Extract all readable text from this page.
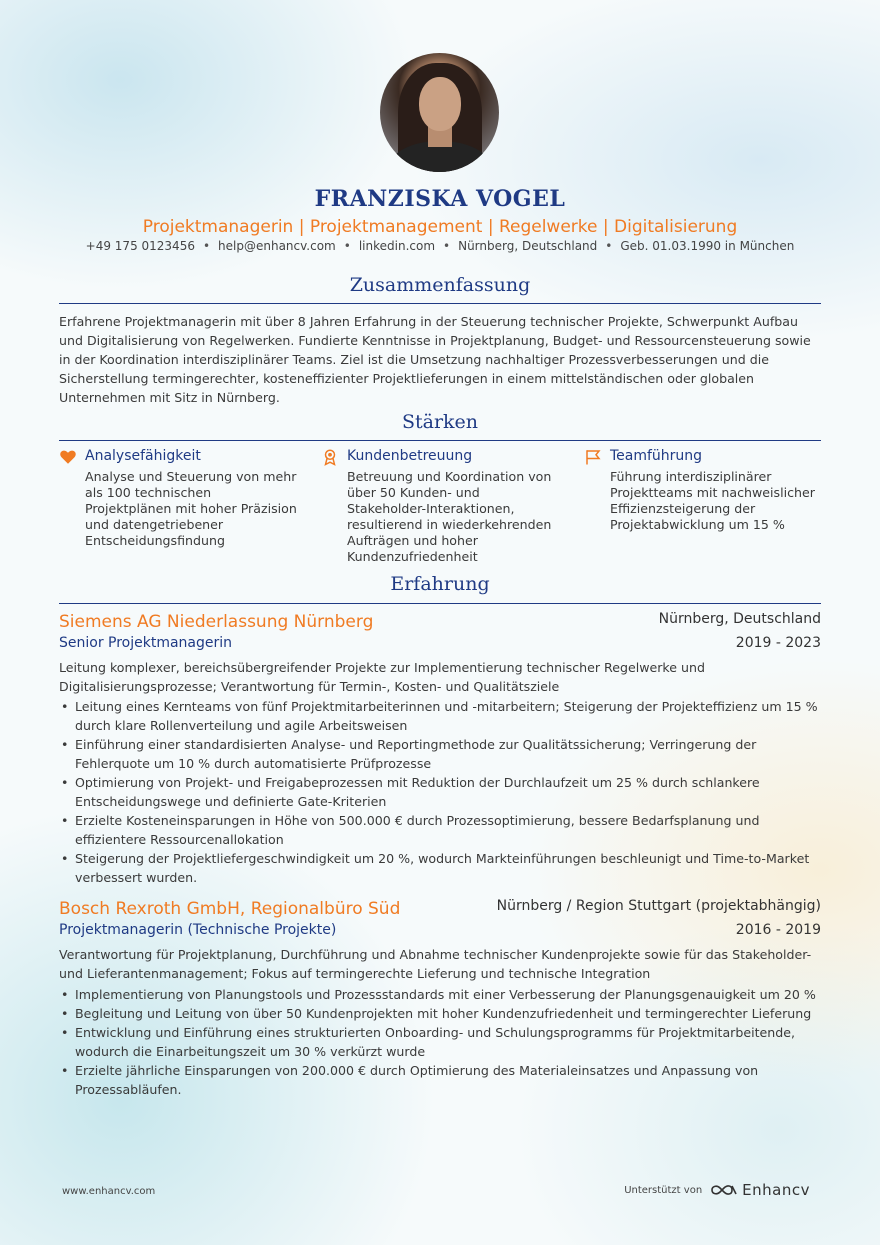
FRANZISKA VOGEL
Projektmanagerin | Projektmanagement | Regelwerke | Digitalisierung
+49 175 0123456 • help@enhancv.com • linkedin.com • Nürnberg, Deutschland • Geb. 01.03.1990 in München
Zusammenfassung
Erfahrene Projektmanagerin mit über 8 Jahren Erfahrung in der Steuerung technischer Projekte, Schwerpunkt Aufbau und Digitalisierung von Regelwerken. Fundierte Kenntnisse in Projektplanung, Budget- und Ressourcensteuerung sowie in der Koordination interdisziplinärer Teams. Ziel ist die Umsetzung nachhaltiger Prozessverbesserungen und die Sicherstellung termingerechter, kosteneffizienter Projektlieferungen in einem mittelständischen oder globalen Unternehmen mit Sitz in Nürnberg.
Stärken
Analysefähigkeit
Analyse und Steuerung von mehr als 100 technischen Projektplänen mit hoher Präzision und datengetriebener Entscheidungsfindung
Kundenbetreuung
Betreuung und Koordination von über 50 Kunden- und Stakeholder-Interaktionen, resultierend in wiederkehrenden Aufträgen und hoher Kundenzufriedenheit
Teamführung
Führung interdisziplinärer Projektteams mit nachweislicher Effizienzsteigerung der Projektabwicklung um 15 %
Erfahrung
Siemens AG Niederlassung Nürnberg	Nürnberg, Deutschland
Senior Projektmanagerin	2019 - 2023
Leitung komplexer, bereichsübergreifender Projekte zur Implementierung technischer Regelwerke und Digitalisierungsprozesse; Verantwortung für Termin-, Kosten- und Qualitätsziele
• Leitung eines Kernteams von fünf Projektmitarbeiterinnen und -mitarbeitern; Steigerung der Projekteffizienz um 15 % durch klare Rollenverteilung und agile Arbeitsweisen
• Einführung einer standardisierten Analyse- und Reportingmethode zur Qualitätssicherung; Verringerung der Fehlerquote um 10 % durch automatisierte Prüfprozesse
• Optimierung von Projekt- und Freigabeprozessen mit Reduktion der Durchlaufzeit um 25 % durch schlankere Entscheidungswege und definierte Gate-Kriterien
• Erzielte Kosteneinsparungen in Höhe von 500.000 € durch Prozessoptimierung, bessere Bedarfsplanung und effizientere Ressourcenallokation
• Steigerung der Projektliefergeschwindigkeit um 20 %, wodurch Markteinführungen beschleunigt und Time-to-Market verbessert wurden.
Bosch Rexroth GmbH, Regionalbüro Süd	Nürnberg / Region Stuttgart (projektabhängig)
Projektmanagerin (Technische Projekte)	2016 - 2019
Verantwortung für Projektplanung, Durchführung und Abnahme technischer Kundenprojekte sowie für das Stakeholder- und Lieferantenmanagement; Fokus auf termingerechte Lieferung und technische Integration
• Implementierung von Planungstools und Prozessstandards mit einer Verbesserung der Planungsgenauigkeit um 20 %
• Begleitung und Leitung von über 50 Kundenprojekten mit hoher Kundenzufriedenheit und termingerechter Lieferung
• Entwicklung und Einführung eines strukturierten Onboarding- und Schulungsprogramms für Projektmitarbeitende, wodurch die Einarbeitungszeit um 30 % verkürzt wurde
• Erzielte jährliche Einsparungen von 200.000 € durch Optimierung des Materialeinsatzes und Anpassung von Prozessabläufen.
www.enhancv.com	Unterstützt von	Enhancv
